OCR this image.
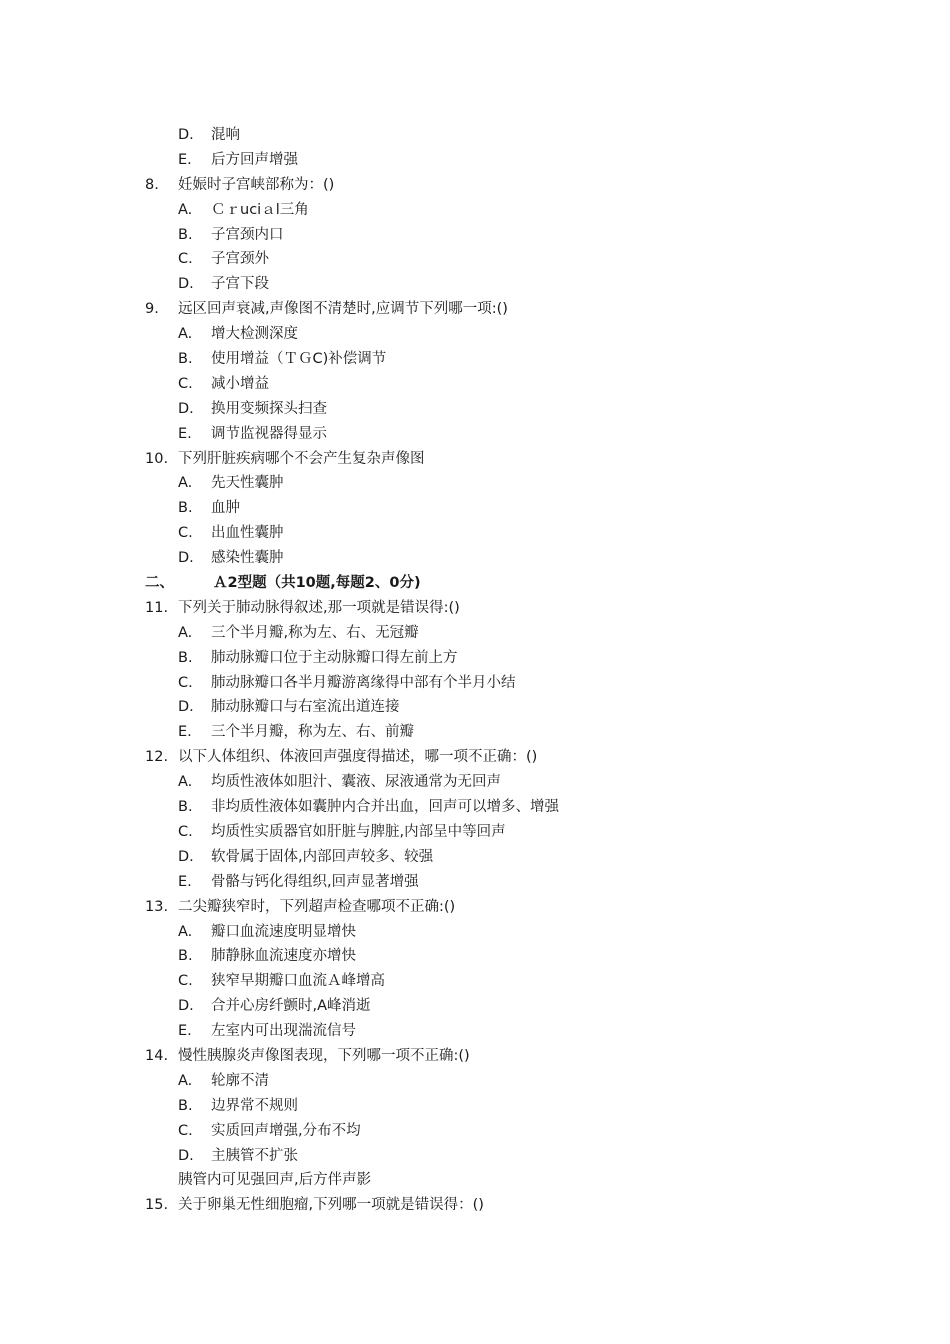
D. 混响
E. 后方回声增强
8. 妊娠时子宫峡部称为：()
A. Ｃｒuciａl三角
B. 子宫颈内口
C. 子宫颈外
D. 子宫下段
9. 远区回声衰减,声像图不清楚时,应调节下列哪一项:()
A. 增大检测深度
B. 使用增益（ＴＧC)补偿调节
C. 减小增益
D. 换用变频探头扫查
E. 调节监视器得显示
10. 下列肝脏疾病哪个不会产生复杂声像图
A. 先天性囊肿
B. 血肿
C. 出血性囊肿
D. 感染性囊肿
二、	Ａ2型题（共10题,每题2、0分)
11. 下列关于肺动脉得叙述,那一项就是错误得:()
A. 三个半月瓣,称为左、右、无冠瓣
B. 肺动脉瓣口位于主动脉瓣口得左前上方
C. 肺动脉瓣口各半月瓣游离缘得中部有个半月小结
D. 肺动脉瓣口与右室流出道连接
E. 三个半月瓣，称为左、右、前瓣
12. 以下人体组织、体液回声强度得描述，哪一项不正确：()
A. 均质性液体如胆汁、囊液、尿液通常为无回声
B. 非均质性液体如囊肿内合并出血，回声可以增多、增强
C. 均质性实质器官如肝脏与脾脏,内部呈中等回声
D. 软骨属于固体,内部回声较多、较强
E. 骨骼与钙化得组织,回声显著增强
13. 二尖瓣狭窄时，下列超声检查哪项不正确:()
A. 瓣口血流速度明显增快
B. 肺静脉血流速度亦增快
C. 狭窄早期瓣口血流Ａ峰增高
D. 合并心房纤颤时,A峰消逝
E. 左室内可出现湍流信号
14. 慢性胰腺炎声像图表现，下列哪一项不正确:()
A. 轮廓不清
B. 边界常不规则
C. 实质回声增强,分布不均
D. 主胰管不扩张
胰管内可见强回声,后方伴声影
15. 关于卵巢无性细胞瘤,下列哪一项就是错误得：()
